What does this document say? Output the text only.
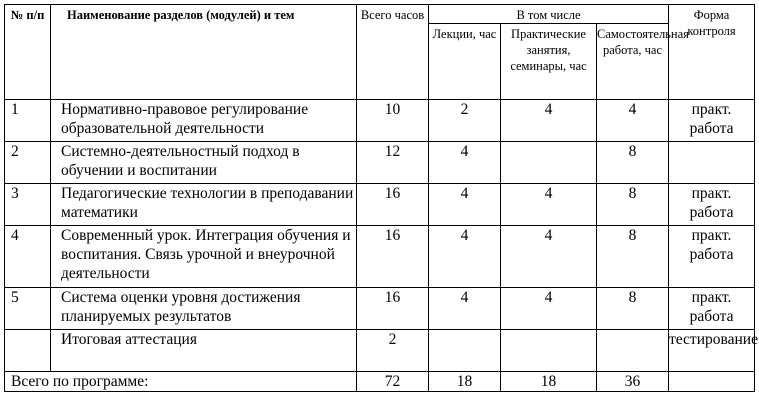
№ п/п	Наименование разделов (модулей) и тем	Всего часов	В том числе			Форма контроля
			Лекции, час	Практические занятия, семинары, час	Самостоятельная работа, час	
1	Нормативно-правовое регулирование образовательной деятельности	10	2	4	4	практ. работа
2	Системно-деятельностный подход в обучении и воспитании	12	4		8	
3	Педагогические технологии в преподавании математики	16	4	4	8	практ. работа
4	Современный урок. Интеграция обучения и воспитания. Связь урочной и внеурочной деятельности	16	4	4	8	практ. работа
5	Система оценки уровня достижения планируемых результатов	16	4	4	8	практ. работа
	Итоговая аттестация	2				тестирование
Всего по программе:		72	18	18	36	
